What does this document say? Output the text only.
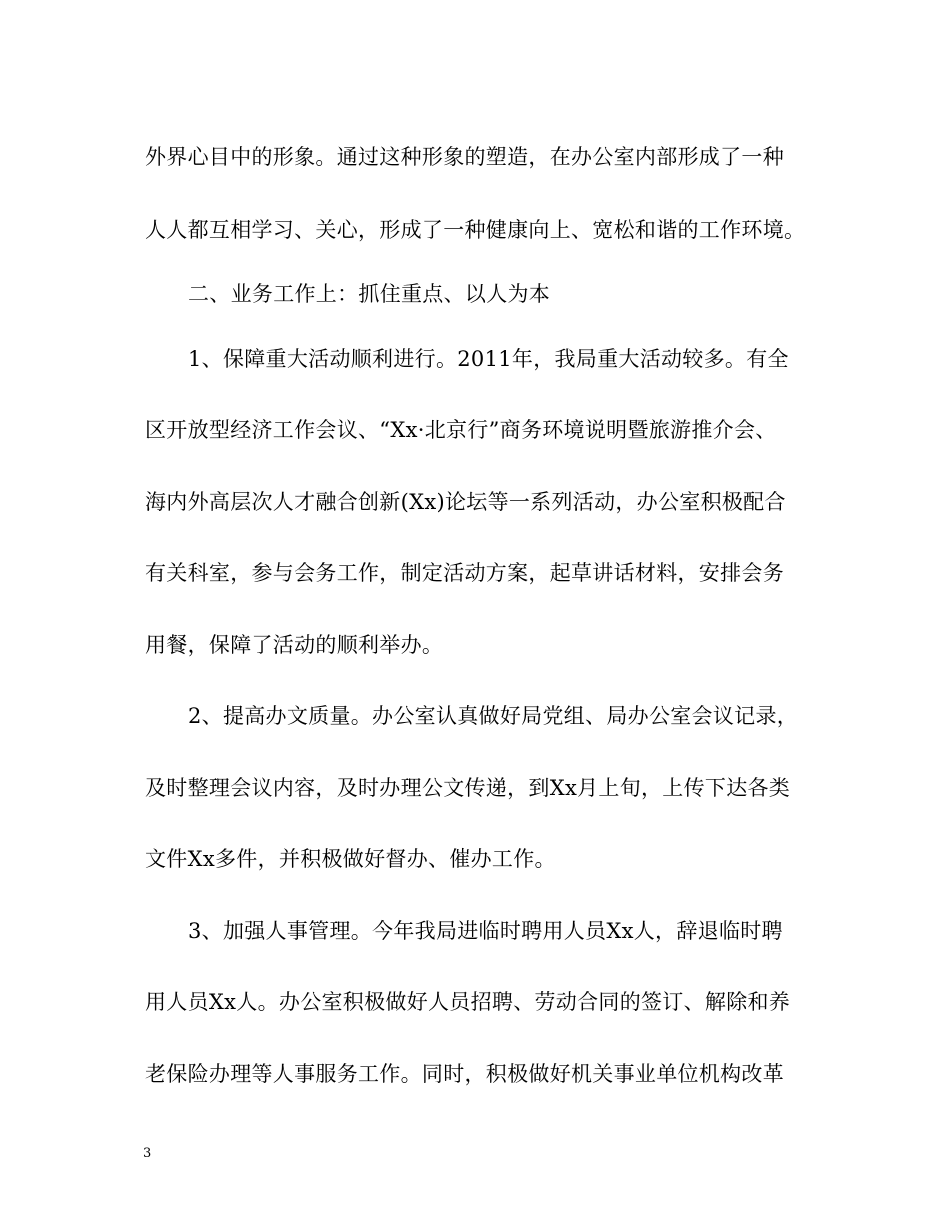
外界心目中的形象。通过这种形象的塑造，在办公室内部形成了一种
人人都互相学习、关心，形成了一种健康向上、宽松和谐的工作环境。
二、业务工作上：抓住重点、以人为本
1、保障重大活动顺利进行。2011年，我局重大活动较多。有全
区开放型经济工作会议、“Xx·北京行”商务环境说明暨旅游推介会、
海内外高层次人才融合创新(Xx)论坛等一系列活动，办公室积极配合
有关科室，参与会务工作，制定活动方案，起草讲话材料，安排会务
用餐，保障了活动的顺利举办。
2、提高办文质量。办公室认真做好局党组、局办公室会议记录，
及时整理会议内容，及时办理公文传递，到Xx月上旬，上传下达各类
文件Xx多件，并积极做好督办、催办工作。
3、加强人事管理。今年我局进临时聘用人员Xx人，辞退临时聘
用人员Xx人。办公室积极做好人员招聘、劳动合同的签订、解除和养
老保险办理等人事服务工作。同时，积极做好机关事业单位机构改革
3
